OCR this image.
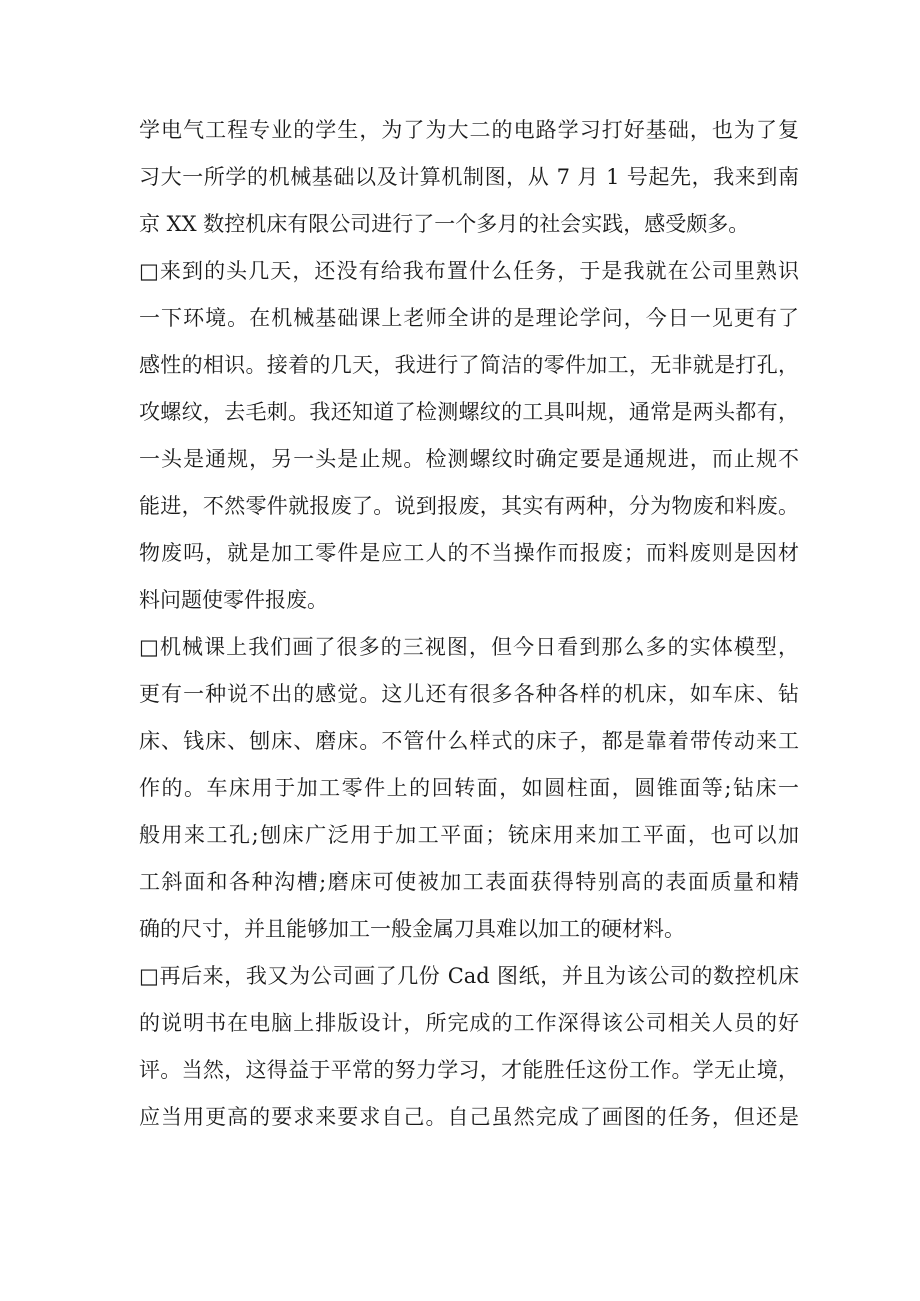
学电气工程专业的学生，为了为大二的电路学习打好基础，也为了复
习大一所学的机械基础以及计算机制图，从 7 月 1 号起先，我来到南
京 XX 数控机床有限公司进行了一个多月的社会实践，感受颇多。
□来到的头几天，还没有给我布置什么任务，于是我就在公司里熟识
一下环境。在机械基础课上老师全讲的是理论学问，今日一见更有了
感性的相识。接着的几天，我进行了简洁的零件加工，无非就是打孔，
攻螺纹，去毛刺。我还知道了检测螺纹的工具叫规，通常是两头都有，
一头是通规，另一头是止规。检测螺纹时确定要是通规进，而止规不
能进，不然零件就报废了。说到报废，其实有两种，分为物废和料废。
物废吗，就是加工零件是应工人的不当操作而报废；而料废则是因材
料问题使零件报废。
□机械课上我们画了很多的三视图，但今日看到那么多的实体模型，
更有一种说不出的感觉。这儿还有很多各种各样的机床，如车床、钻
床、钱床、刨床、磨床。不管什么样式的床子，都是靠着带传动来工
作的。车床用于加工零件上的回转面，如圆柱面，圆锥面等;钻床一
般用来工孔;刨床广泛用于加工平面；铳床用来加工平面，也可以加
工斜面和各种沟槽;磨床可使被加工表面获得特别高的表面质量和精
确的尺寸，并且能够加工一般金属刀具难以加工的硬材料。
□再后来，我又为公司画了几份 Cad 图纸，并且为该公司的数控机床
的说明书在电脑上排版设计，所完成的工作深得该公司相关人员的好
评。当然，这得益于平常的努力学习，才能胜任这份工作。学无止境，
应当用更高的要求来要求自己。自己虽然完成了画图的任务，但还是
